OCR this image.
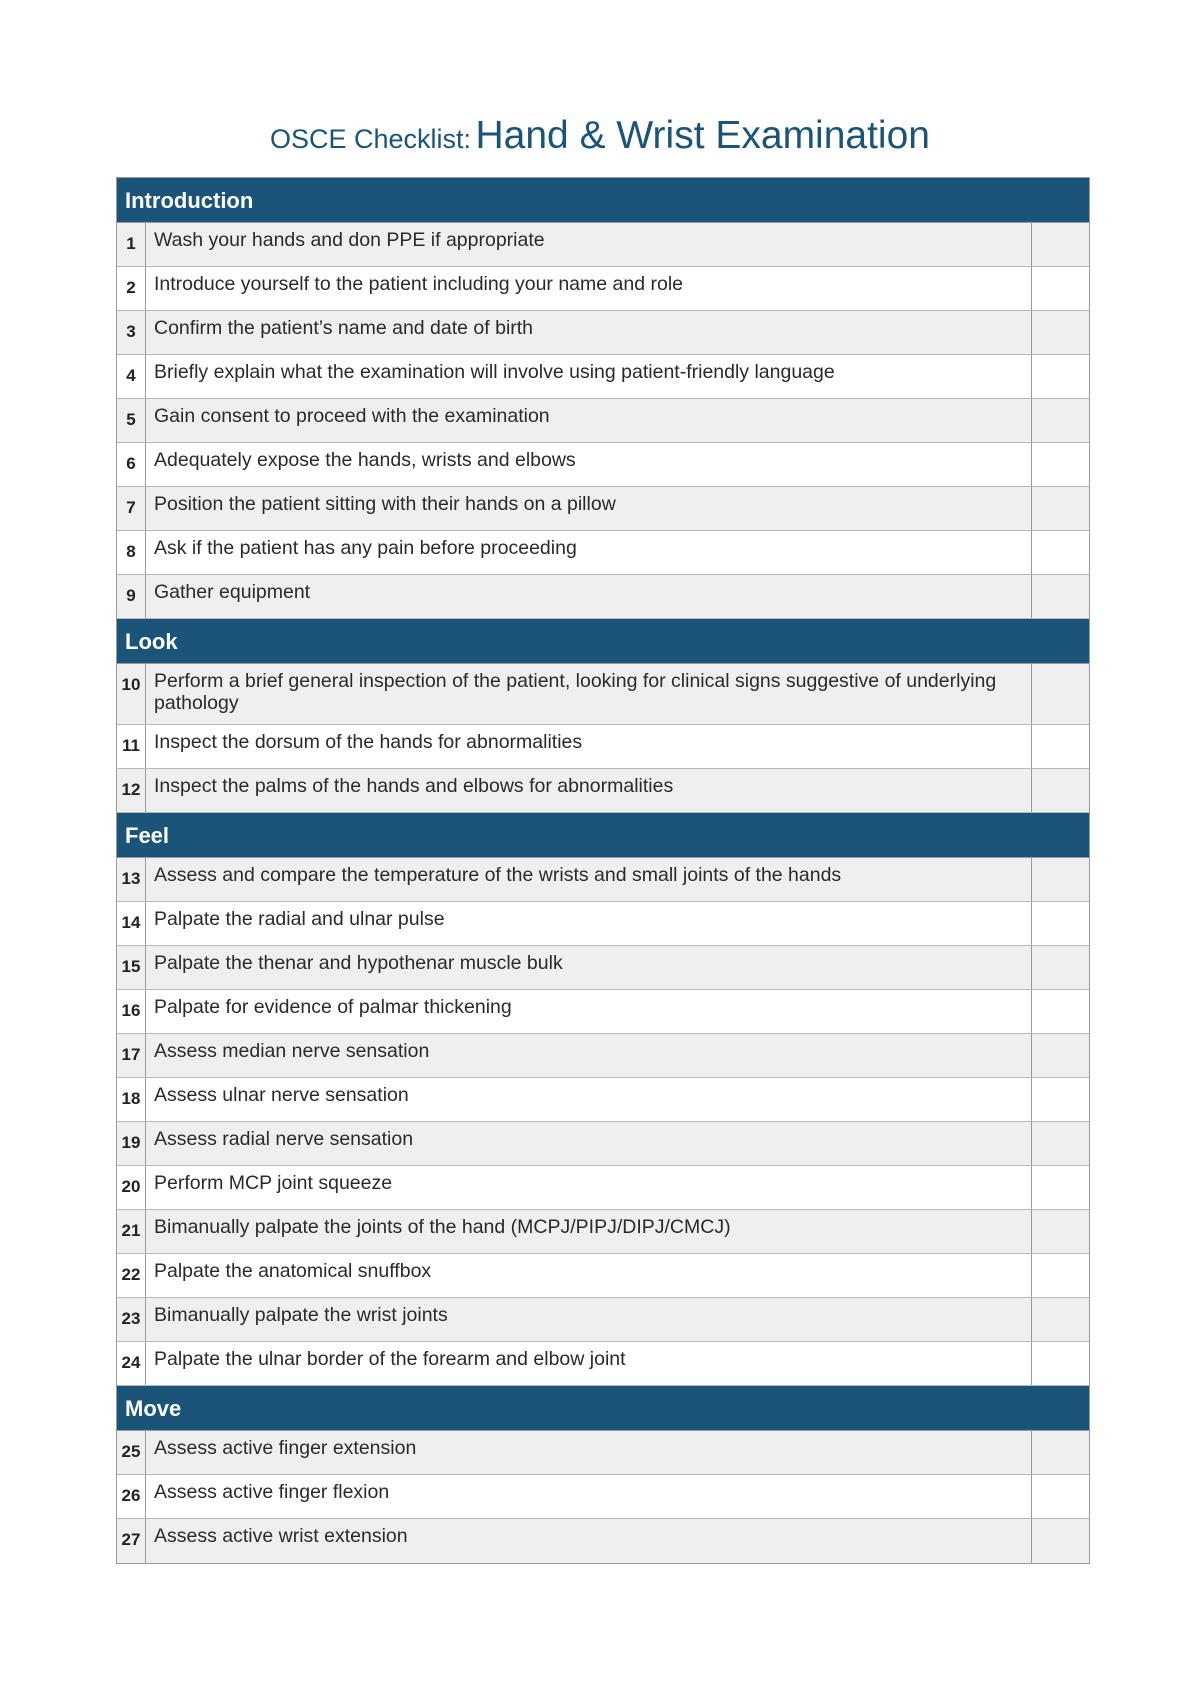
OSCE Checklist: Hand & Wrist Examination
Introduction
1 Wash your hands and don PPE if appropriate
2 Introduce yourself to the patient including your name and role
3 Confirm the patient’s name and date of birth
4 Briefly explain what the examination will involve using patient-friendly language
5 Gain consent to proceed with the examination
6 Adequately expose the hands, wrists and elbows
7 Position the patient sitting with their hands on a pillow
8 Ask if the patient has any pain before proceeding
9 Gather equipment
Look
10 Perform a brief general inspection of the patient, looking for clinical signs suggestive of underlying pathology
11 Inspect the dorsum of the hands for abnormalities
12 Inspect the palms of the hands and elbows for abnormalities
Feel
13 Assess and compare the temperature of the wrists and small joints of the hands
14 Palpate the radial and ulnar pulse
15 Palpate the thenar and hypothenar muscle bulk
16 Palpate for evidence of palmar thickening
17 Assess median nerve sensation
18 Assess ulnar nerve sensation
19 Assess radial nerve sensation
20 Perform MCP joint squeeze
21 Bimanually palpate the joints of the hand (MCPJ/PIPJ/DIPJ/CMCJ)
22 Palpate the anatomical snuffbox
23 Bimanually palpate the wrist joints
24 Palpate the ulnar border of the forearm and elbow joint
Move
25 Assess active finger extension
26 Assess active finger flexion
27 Assess active wrist extension
